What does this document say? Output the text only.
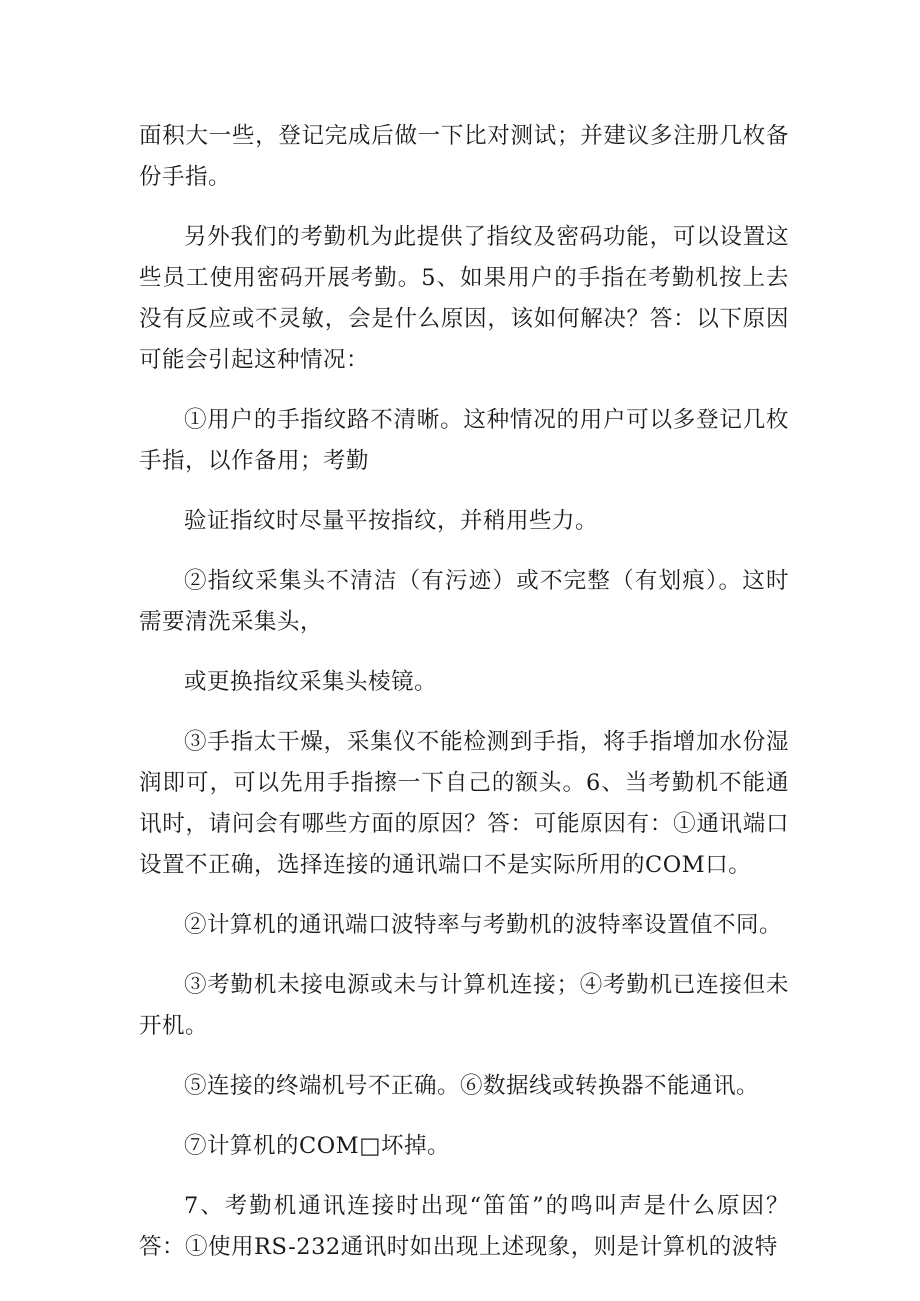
面积大一些，登记完成后做一下比对测试；并建议多注册几枚备份手指。

另外我们的考勤机为此提供了指纹及密码功能，可以设置这些员工使用密码开展考勤。5、如果用户的手指在考勤机按上去没有反应或不灵敏，会是什么原因，该如何解决？答：以下原因可能会引起这种情况：

①用户的手指纹路不清晰。这种情况的用户可以多登记几枚手指，以作备用；考勤

验证指纹时尽量平按指纹，并稍用些力。

②指纹采集头不清洁（有污迹）或不完整（有划痕）。这时需要清洗采集头，

或更换指纹采集头棱镜。

③手指太干燥，采集仪不能检测到手指，将手指增加水份湿润即可，可以先用手指擦一下自己的额头。6、当考勤机不能通讯时，请问会有哪些方面的原因？答：可能原因有：①通讯端口设置不正确，选择连接的通讯端口不是实际所用的COM口。

②计算机的通讯端口波特率与考勤机的波特率设置值不同。

③考勤机未接电源或未与计算机连接；④考勤机已连接但未开机。

⑤连接的终端机号不正确。⑥数据线或转换器不能通讯。

⑦计算机的COM□坏掉。

7、考勤机通讯连接时出现“笛笛”的鸣叫声是什么原因？答：①使用RS-232通讯时如出现上述现象，则是计算机的波特
